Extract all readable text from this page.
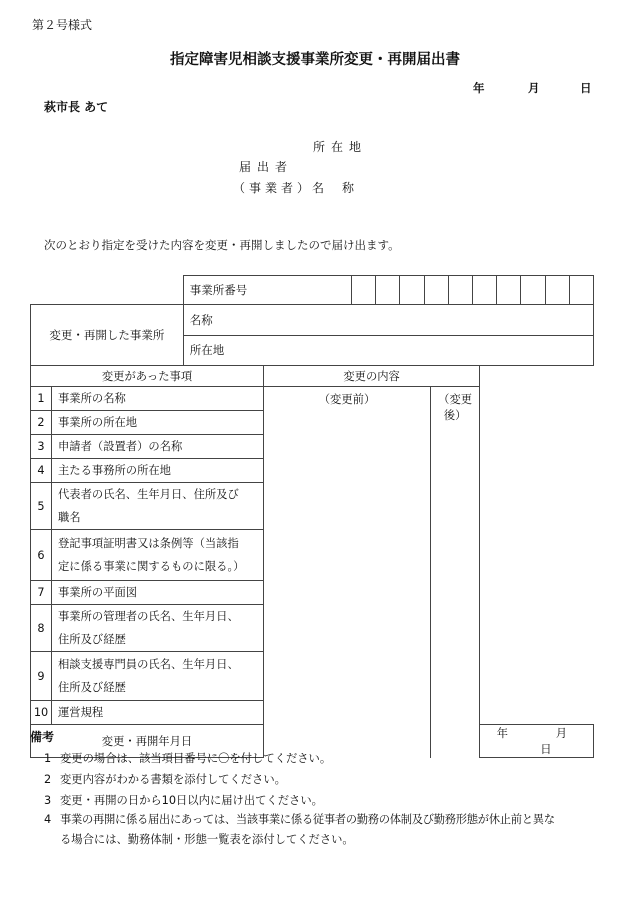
第２号様式
指定障害児相談支援事業所変更・再開届出書
年	月	日
萩市長 あて
所在地
届出者
（事業者）
名称
次のとおり指定を受けた内容を変更・再開しましたので届け出ます。
	事業所番号										
変更・再開した事業所	名称										
	所在地										
変更があった事項		変更の内容		
1	事業所の名称	（変更前）	（変更後）	
2	事業所の所在地			
3	申請者（設置者）の名称			
4	主たる事務所の所在地			
5	代表者の氏名、生年月日、住所及び
職名			

6	登記事項証明書又は条例等（当該指
定に係る事業に関するものに限る。）			

7	事業所の平面図			
8	事業所の管理者の氏名、生年月日、
住所及び経歴			

9	相談支援専門員の氏名、生年月日、
住所及び経歴			

10	運営規程			
変更・再開年月日				年 月 日
備考
1 変更の場合は、該当項目番号に〇を付してください。
2 変更内容がわかる書類を添付してください。
3 変更・再開の日から10日以内に届け出てください。
4 事業の再開に係る届出にあっては、当該事業に係る従事者の勤務の体制及び勤務形態が休止前と異な
る場合には、勤務体制・形態一覧表を添付してください。
